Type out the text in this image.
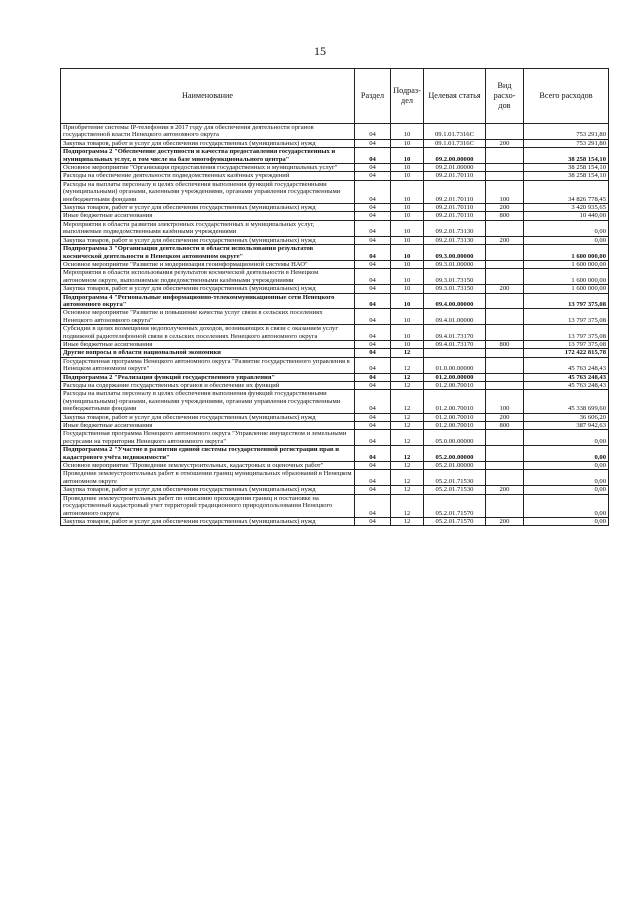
15
Наименование	Раздел	Подраз-дел	Целевая статья	Вид расхо-дов	Всего расходов
Приобретение системы IP-телефонии в 2017 году для обеспечения деятельности органов государственной власти Ненецкого автономного округа	04	10	09.1.01.7316С		753 291,80
Закупка товаров, работ и услуг для обеспечения государственных (муниципальных) нужд	04	10	09.1.01.7316С	200	753 291,80
Подпрограмма 2 "Обеспечение доступности и качества предоставления государственных и муниципальных услуг, в том числе на базе многофункционального центра"	04	10	09.2.00.00000		38 258 154,10
Основное мероприятие "Организация предоставления государственных и муниципальных услуг"	04	10	09.2.01.00000		38 258 154,10
Расходы на обеспечение деятельности подведомственных казённых учреждений	04	10	09.2.01.70110		38 258 154,10
Расходы на выплаты персоналу в целях обеспечения выполнения функций государственными (муниципальными) органами, казенными учреждениями, органами управления государственными внебюджетными фондами	04	10	09.2.01.70110	100	34 826 778,45
Закупка товаров, работ и услуг для обеспечения государственных (муниципальных) нужд	04	10	09.2.01.70110	200	3 420 935,65
Иные бюджетные ассигнования	04	10	09.2.01.70110	800	10 440,00
Мероприятия в области развития электронных государственных и муниципальных услуг, выполняемые подведомственными казёнными учреждениями	04	10	09.2.01.73130		0,00
Закупка товаров, работ и услуг для обеспечения государственных (муниципальных) нужд	04	10	09.2.01.73130	200	0,00
Подпрограмма 3 "Организация деятельности в области использования результатов космической деятельности в Ненецком автономном округе"	04	10	09.3.00.00000		1 600 000,00
Основное мероприятие "Развитие и модернизация геоинформационной системы НАО"	04	10	09.3.01.00000		1 600 000,00
Мероприятия в области использования результатов космической деятельности в Ненецком автономном округе, выполняемые подведомственными казёнными учреждениями	04	10	09.3.01.73150		1 600 000,00
Закупка товаров, работ и услуг для обеспечения государственных (муниципальных) нужд	04	10	09.3.01.73150	200	1 600 000,00
Подпрограмма 4 "Региональные информационно-телекоммуникационные сети Ненецкого автономного округа"	04	10	09.4.00.00000		13 797 375,08
Основное мероприятие "Развитие и повышение качества услуг связи в сельских поселениях Ненецкого автономного округа"	04	10	09.4.01.00000		13 797 375,08
Субсидии в целях возмещения недополученных доходов, возникающих в связи с оказанием услуг подвижной радиотелефонной связи в сельских поселениях Ненецкого автономного округа	04	10	09.4.01.73170		13 797 375,08
Иные бюджетные ассигнования	04	10	09.4.01.73170	800	13 797 375,08
Другие вопросы в области национальной экономики	04	12			172 422 815,78
Государственная программа Ненецкого автономного округа "Развитие государственного управления в Ненецком автономном округе"	04	12	01.0.00.00000		45 763 248,43
Подпрограмма 2 "Реализация функций государственного управления"	04	12	01.2.00.00000		45 763 248,43
Расходы на содержание государственных органов и обеспечение их функций	04	12	01.2.00.70010		45 763 248,43
Расходы на выплаты персоналу в целях обеспечения выполнения функций государственными (муниципальными) органами, казенными учреждениями, органами управления государственными внебюджетными фондами	04	12	01.2.00.70010	100	45 338 699,60
Закупка товаров, работ и услуг для обеспечения государственных (муниципальных) нужд	04	12	01.2.00.70010	200	36 606,20
Иные бюджетные ассигнования	04	12	01.2.00.70010	800	387 942,63
Государственная программа Ненецкого автономного округа "Управление имуществом и земельными ресурсами на территории Ненецкого автономного округа"	04	12	05.0.00.00000		0,00
Подпрограмма 2 "Участие в развитии единой системы государственной регистрации прав и кадастрового учёта недвижимости"	04	12	05.2.00.00000		0,00
Основное мероприятие "Проведение землеустроительных, кадастровых и оценочных работ"	04	12	05.2.01.00000		0,00
Проведение землеустроительных работ в отношении границ муниципальных образований в Ненецком автономном округе	04	12	05.2.01.71530		0,00
Закупка товаров, работ и услуг для обеспечения государственных (муниципальных) нужд	04	12	05.2.01.71530	200	0,00
Проведение землеустроительных работ по описанию прохождения границ и постановке на государственный кадастровый учет территорий традиционного природопользования Ненецкого автономного округа	04	12	05.2.01.71570		0,00
Закупка товаров, работ и услуг для обеспечения государственных (муниципальных) нужд	04	12	05.2.01.71570	200	0,00
